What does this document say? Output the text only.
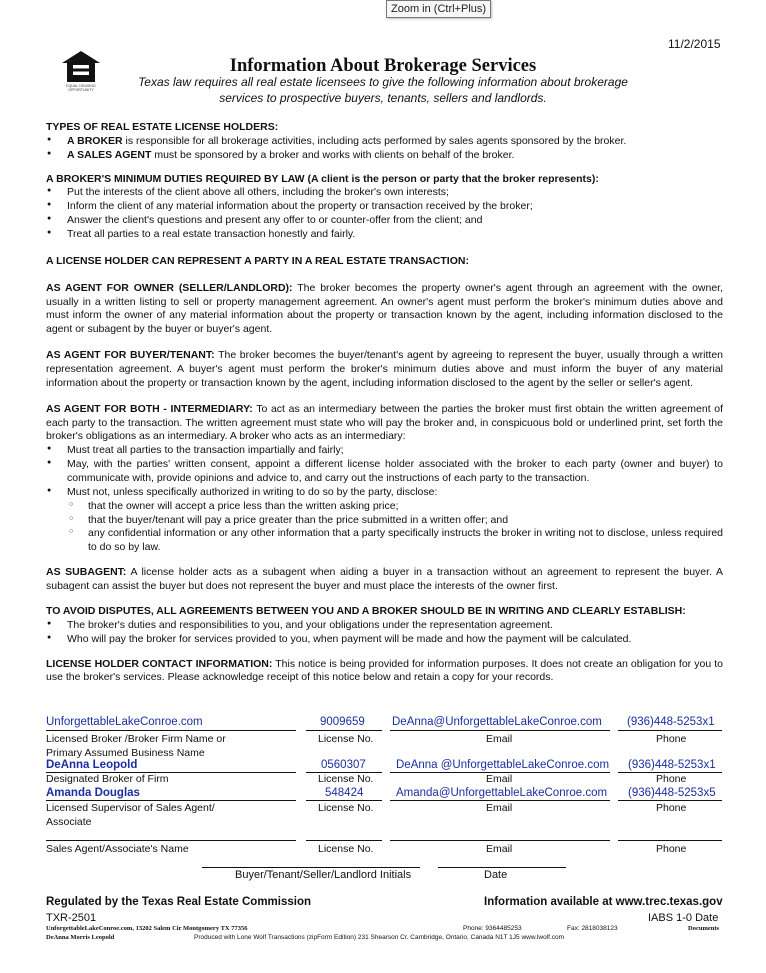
Zoom in (Ctrl+Plus)
EQUAL HOUSING
OPPORTUNITY
11/2/2015
Information About Brokerage Services
Texas law requires all real estate licensees to give the following information about brokerage services to prospective buyers, tenants, sellers and landlords.
TYPES OF REAL ESTATE LICENSE HOLDERS:
● A BROKER is responsible for all brokerage activities, including acts performed by sales agents sponsored by the broker.
● A SALES AGENT must be sponsored by a broker and works with clients on behalf of the broker.
A BROKER'S MINIMUM DUTIES REQUIRED BY LAW (A client is the person or party that the broker represents):
● Put the interests of the client above all others, including the broker's own interests;
● Inform the client of any material information about the property or transaction received by the broker;
● Answer the client's questions and present any offer to or counter-offer from the client; and
● Treat all parties to a real estate transaction honestly and fairly.
A LICENSE HOLDER CAN REPRESENT A PARTY IN A REAL ESTATE TRANSACTION:

AS AGENT FOR OWNER (SELLER/LANDLORD): The broker becomes the property owner's agent through an agreement with the owner, usually in a written listing to sell or property management agreement. An owner's agent must perform the broker's minimum duties above and must inform the owner of any material information about the property or transaction known by the agent, including information disclosed to the agent or subagent by the buyer or buyer's agent.

AS AGENT FOR BUYER/TENANT: The broker becomes the buyer/tenant's agent by agreeing to represent the buyer, usually through a written representation agreement. A buyer's agent must perform the broker's minimum duties above and must inform the buyer of any material information about the property or transaction known by the agent, including information disclosed to the agent by the seller or seller's agent.

AS AGENT FOR BOTH - INTERMEDIARY: To act as an intermediary between the parties the broker must first obtain the written agreement of each party to the transaction. The written agreement must state who will pay the broker and, in conspicuous bold or underlined print, set forth the broker's obligations as an intermediary. A broker who acts as an intermediary:

● Must treat all parties to the transaction impartially and fairly;
● May, with the parties' written consent, appoint a different license holder associated with the broker to each party (owner and buyer) to communicate with, provide opinions and advice to, and carry out the instructions of each party to the transaction.
● Must not, unless specifically authorized in writing to do so by the party, disclose:
○ that the owner will accept a price less than the written asking price;
○ that the buyer/tenant will pay a price greater than the price submitted in a written offer; and
○ any confidential information or any other information that a party specifically instructs the broker in writing not to disclose, unless required to do so by law.

AS SUBAGENT: A license holder acts as a subagent when aiding a buyer in a transaction without an agreement to represent the buyer. A subagent can assist the buyer but does not represent the buyer and must place the interests of the owner first.

TO AVOID DISPUTES, ALL AGREEMENTS BETWEEN YOU AND A BROKER SHOULD BE IN WRITING AND CLEARLY ESTABLISH:
● The broker's duties and responsibilities to you, and your obligations under the representation agreement.
● Who will pay the broker for services provided to you, when payment will be made and how the payment will be calculated.

LICENSE HOLDER CONTACT INFORMATION: This notice is being provided for information purposes. It does not create an obligation for you to use the broker's services. Please acknowledge receipt of this notice below and retain a copy for your records.

UnforgettableLakeConroe.com	9009659 DeAnna@UnforgettableLakeConroe.com (936)448-5253x1
Licensed Broker /Broker Firm Name or
Primary Assumed Business Name
License No.	Email	Phone
DeAnna Leopold	0560307	DeAnna @UnforgettableLakeConroe.com (936)448-5253x1
Designated Broker of Firm	License No.	Email	Phone
Amanda Douglas	548424	Amanda@UnforgettableLakeConroe.com (936)448-5253x5
Licensed Supervisor of Sales Agent/
Associate
License No.	Email	Phone
Sales Agent/Associate's Name	License No.	Email	Phone
Buyer/Tenant/Seller/Landlord Initials	Date
Regulated by the Texas Real Estate Commission	Information available at www.trec.texas.gov
TXR-2501	IABS 1-0 Date
UnforgettableLakeConroe.com, 13202 Salem Cir Montgomery TX 77356	Phone: 9364485253	Fax: 2818038123	Documents
DeAnna Morris Leopold	Produced with Lone Wolf Transactions (zipForm Edition) 231 Shearson Cr. Cambridge, Ontario, Canada N1T 1J5 www.lwolf.com
